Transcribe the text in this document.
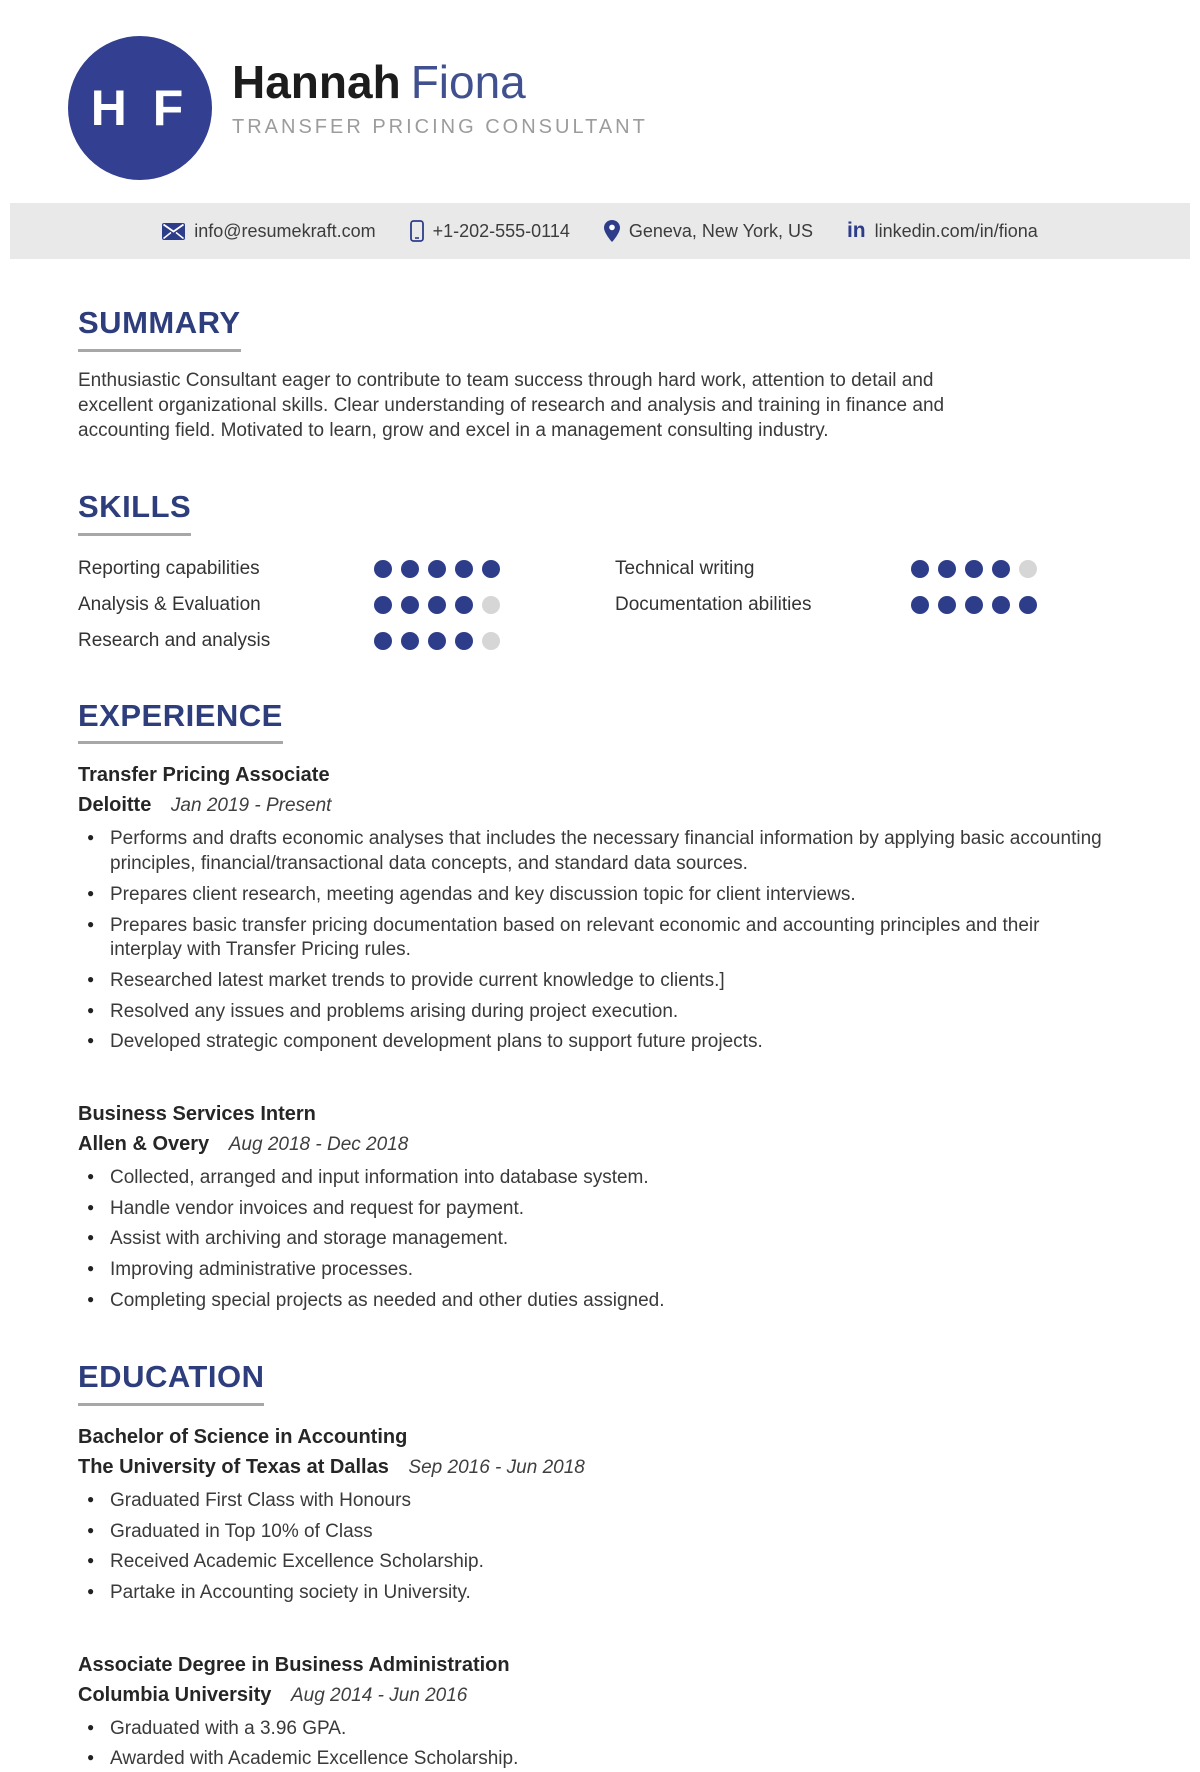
H F Hannah Fiona
TRANSFER PRICING CONSULTANT
info@resumekraft.com	+1-202-555-0114	Geneva, New York, US in linkedin.com/in/fiona
SUMMARY

Enthusiastic Consultant eager to contribute to team success through hard work, attention to detail and excellent organizational skills. Clear understanding of research and analysis and training in finance and accounting field. Motivated to learn, grow and excel in a management consulting industry.

SKILLS
Reporting capabilities
Analysis & Evaluation
Research and analysis
Technical writing
Documentation abilities
EXPERIENCE
Transfer Pricing Associate
Deloitte Jan 2019 - Present
● Performs and drafts economic analyses that includes the necessary financial information by applying basic accounting principles, financial/transactional data concepts, and standard data sources.
● Prepares client research, meeting agendas and key discussion topic for client interviews.
● Prepares basic transfer pricing documentation based on relevant economic and accounting principles and their interplay with Transfer Pricing rules.
● Researched latest market trends to provide current knowledge to clients.]
● Resolved any issues and problems arising during project execution.
● Developed strategic component development plans to support future projects.
Business Services Intern
Allen & Overy Aug 2018 - Dec 2018
● Collected, arranged and input information into database system.
● Handle vendor invoices and request for payment.
● Assist with archiving and storage management.
● Improving administrative processes.
● Completing special projects as needed and other duties assigned.
EDUCATION
Bachelor of Science in Accounting
The University of Texas at Dallas Sep 2016 - Jun 2018
● Graduated First Class with Honours
● Graduated in Top 10% of Class
● Received Academic Excellence Scholarship.
● Partake in Accounting society in University.
Associate Degree in Business Administration
Columbia University Aug 2014 - Jun 2016
● Graduated with a 3.96 GPA.
● Awarded with Academic Excellence Scholarship.
